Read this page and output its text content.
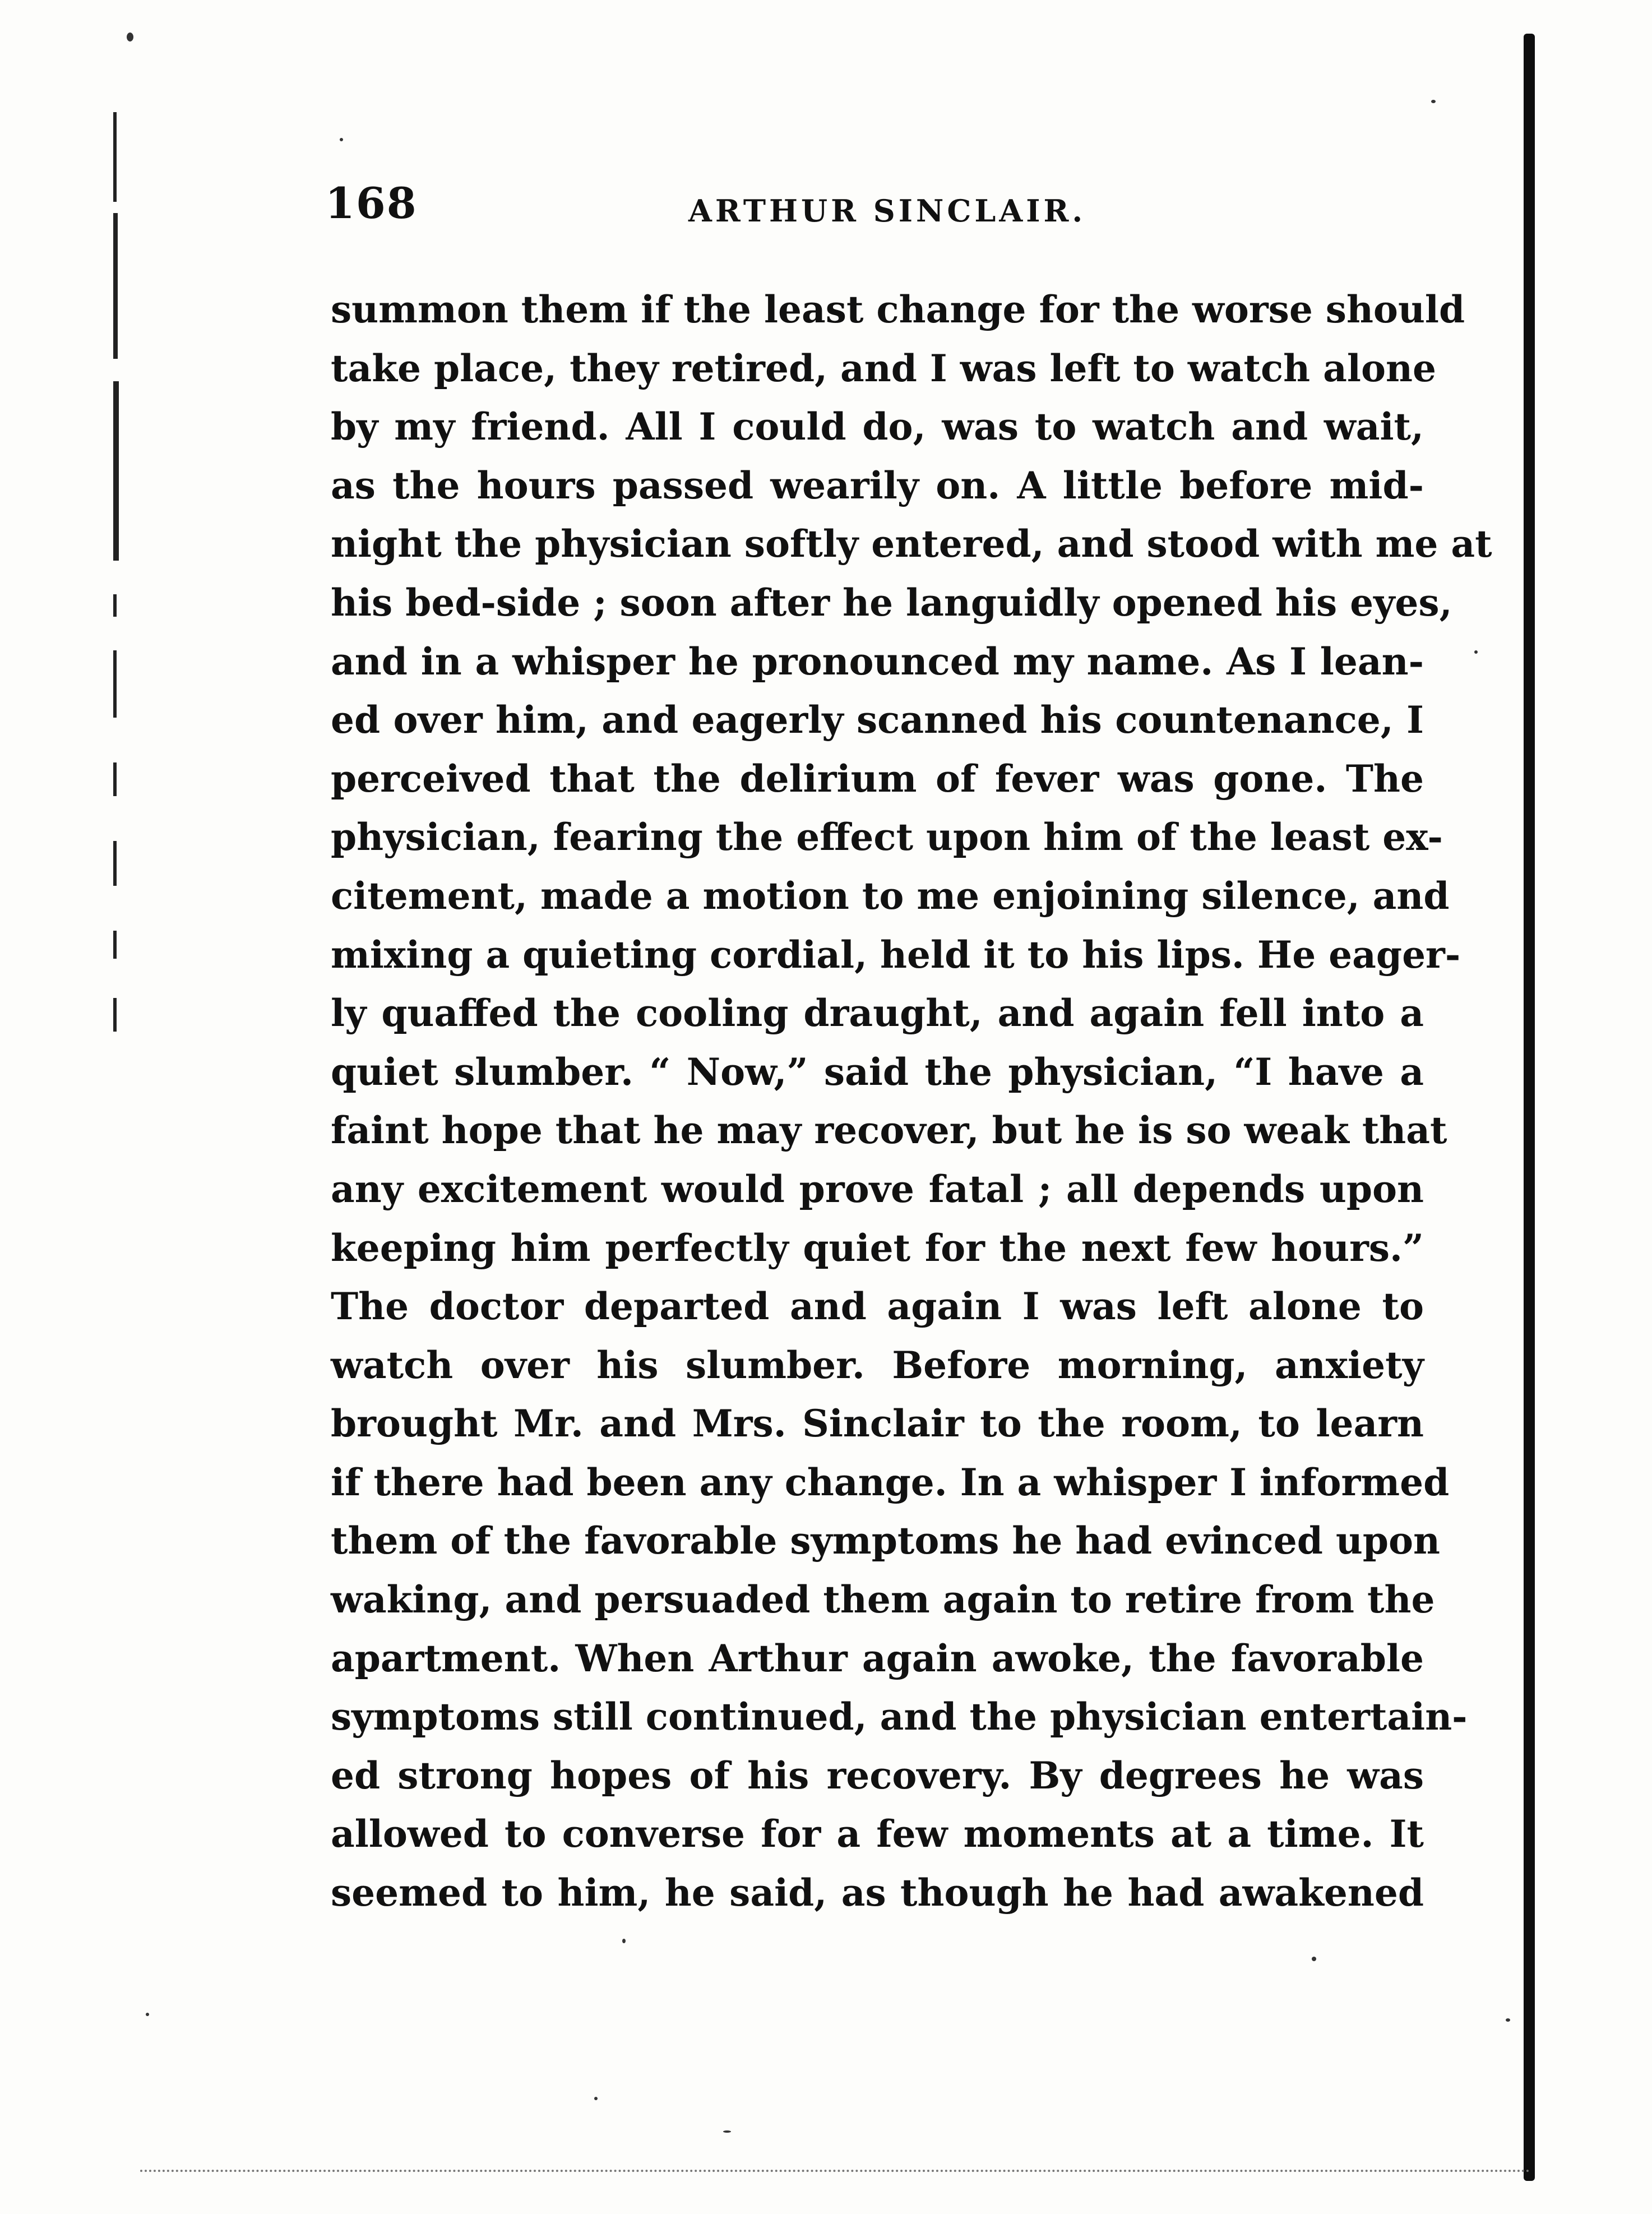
168	ARTHUR SINCLAIR.
summon them if the least change for the worse should
take place, they retired, and I was left to watch alone
by my friend. All I could do, was to watch and wait,
as the hours passed wearily on. A little before mid-
night the physician softly entered, and stood with me at
his bed-side ; soon after he languidly opened his eyes,
and in a whisper he pronounced my name. As I lean-
ed over him, and eagerly scanned his countenance, I
perceived that the delirium of fever was gone. The
physician, fearing the effect upon him of the least ex-
citement, made a motion to me enjoining silence, and
mixing a quieting cordial, held it to his lips. He eager-
ly quaffed the cooling draught, and again fell into a
quiet slumber. “ Now,” said the physician, “I have a
faint hope that he may recover, but he is so weak that
any excitement would prove fatal ; all depends upon
keeping him perfectly quiet for the next few hours.”
The doctor departed and again I was left alone to
watch over his slumber. Before morning, anxiety
brought Mr. and Mrs. Sinclair to the room, to learn
if there had been any change. In a whisper I informed
them of the favorable symptoms he had evinced upon
waking, and persuaded them again to retire from the
apartment. When Arthur again awoke, the favorable
symptoms still continued, and the physician entertain-
ed strong hopes of his recovery. By degrees he was
allowed to converse for a few moments at a time. It
seemed to him, he said, as though he had awakened
